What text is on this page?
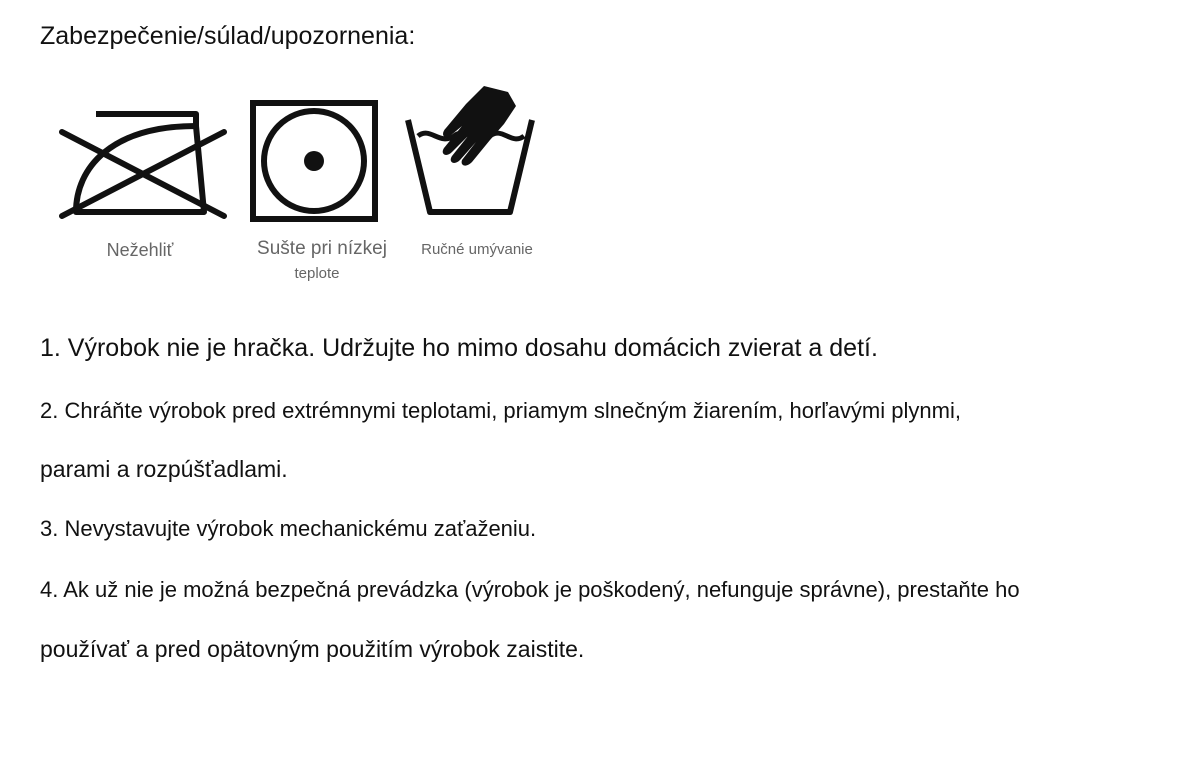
Zabezpečenie/súlad/upozornenia:
Nežehliť	Sušte pri nízkej
teplote
Ručné umývanie
1. Výrobok nie je hračka. Udržujte ho mimo dosahu domácich zvierat a detí.
2. Chráňte výrobok pred extrémnymi teplotami, priamym slnečným žiarením, horľavými plynmi,
parami a rozpúšťadlami.
3. Nevystavujte výrobok mechanickému zaťaženiu.
4. Ak už nie je možná bezpečná prevádzka (výrobok je poškodený, nefunguje správne), prestaňte ho
používať a pred opätovným použitím výrobok zaistite.
